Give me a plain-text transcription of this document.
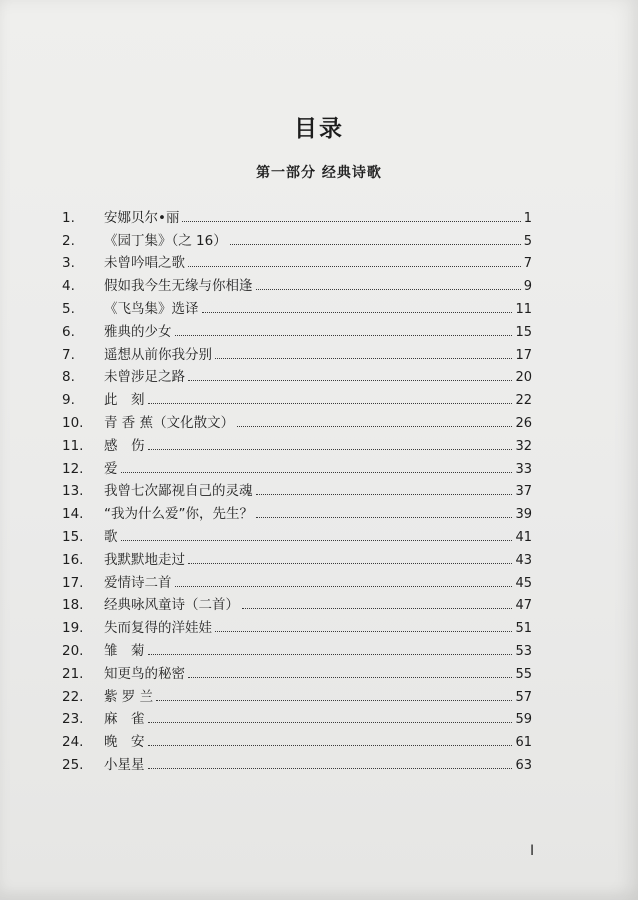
目录
第一部分 经典诗歌
1.	安娜贝尔•丽	1
2.	《园丁集》（之 16）	5
3.	未曾吟唱之歌	7
4.	假如我今生无缘与你相逢	9
5.	《飞鸟集》选译	11
6.	雅典的少女	15
7.	遥想从前你我分别	17
8.	未曾涉足之路	20
9.	此　刻	22
10.	青 香 蕉（文化散文）	26
11.	感　伤	32
12.	爱	33
13.	我曾七次鄙视自己的灵魂	37
14.	“我为什么爱”你，先生？	39
15.	歌	41
16.	我默默地走过	43
17.	爱情诗二首	45
18.	经典咏风童诗（二首）	47
19.	失而复得的洋娃娃	51
20.	雏　菊	53
21.	知更鸟的秘密	55
22.	紫 罗 兰	57
23.	麻　雀	59
24.	晚　安	61
25.	小星星	63
I
